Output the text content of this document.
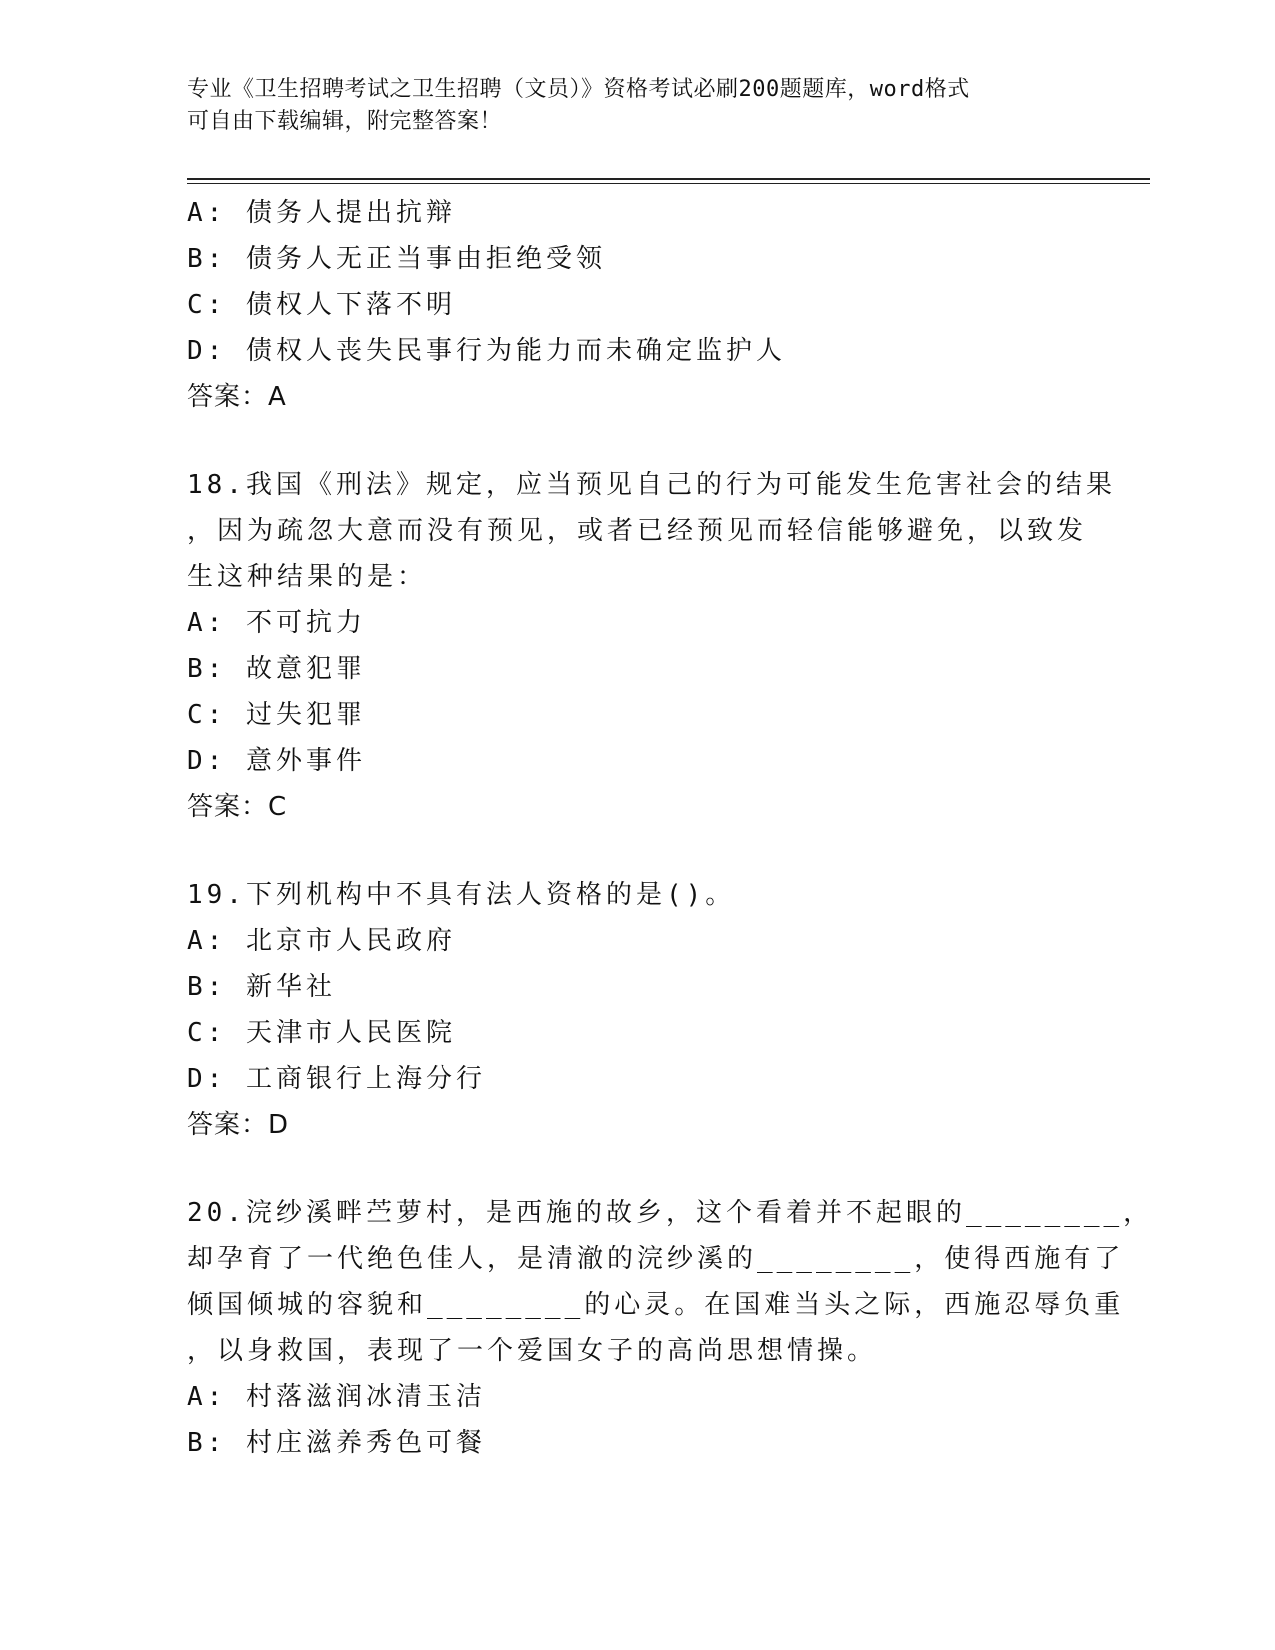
专业《卫生招聘考试之卫生招聘（文员）》资格考试必刷200题题库，word格式
可自由下载编辑，附完整答案！
A: 债务人提出抗辩
B: 债务人无正当事由拒绝受领
C: 债权人下落不明
D: 债权人丧失民事行为能力而未确定监护人
答案：A
18.我国《刑法》规定，应当预见自己的行为可能发生危害社会的结果
，因为疏忽大意而没有预见，或者已经预见而轻信能够避免，以致发
生这种结果的是：
A: 不可抗力
B: 故意犯罪
C: 过失犯罪
D: 意外事件
答案：C
19.下列机构中不具有法人资格的是()。
A: 北京市人民政府
B: 新华社
C: 天津市人民医院
D: 工商银行上海分行
答案：D
20.浣纱溪畔苎萝村，是西施的故乡，这个看着并不起眼的________，
却孕育了一代绝色佳人，是清澈的浣纱溪的________，使得西施有了
倾国倾城的容貌和________的心灵。在国难当头之际，西施忍辱负重
，以身救国，表现了一个爱国女子的高尚思想情操。
A: 村落滋润冰清玉洁
B: 村庄滋养秀色可餐
